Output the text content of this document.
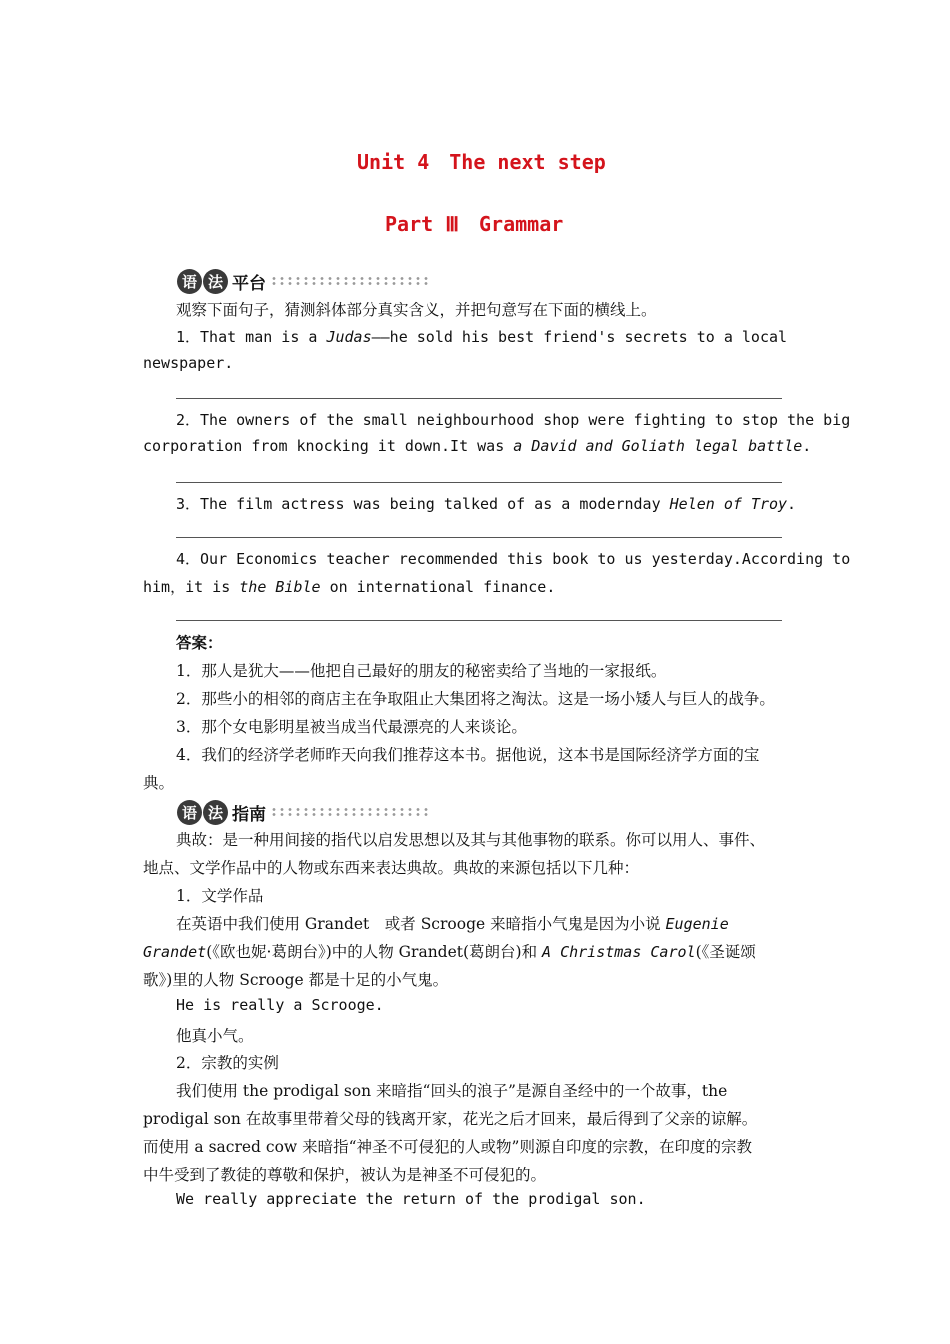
Unit 4　The next step
Part Ⅲ　Grammar
语 法 平台
观察下面句子，猜测斜体部分真实含义，并把句意写在下面的横线上。
1．That man is a Judas——he sold his best friend's secrets to a local
newspaper.
2．The owners of the small neighbourhood shop were fighting to stop the big
corporation from knocking it down.It was a David and Goliath legal battle.
3．The film actress was being talked of as a modernday Helen of Troy.
4．Our Economics teacher recommended this book to us yesterday.According to
him，it is the Bible on international finance.
答案：
1．那人是犹大——他把自己最好的朋友的秘密卖给了当地的一家报纸。
2．那些小的相邻的商店主在争取阻止大集团将之淘汰。这是一场小矮人与巨人的战争。
3．那个女电影明星被当成当代最漂亮的人来谈论。
4．我们的经济学老师昨天向我们推荐这本书。据他说，这本书是国际经济学方面的宝
典。
语 法 指南
典故：是一种用间接的指代以启发思想以及其与其他事物的联系。你可以用人、事件、
地点、文学作品中的人物或东西来表达典故。典故的来源包括以下几种：
1．文学作品
在英语中我们使用 Grandet　或者 Scrooge 来暗指小气鬼是因为小说 Eugenie
Grandet(《欧也妮·葛朗台》)中的人物 Grandet(葛朗台)和 A Christmas Carol(《圣诞颂
歌》)里的人物 Scrooge 都是十足的小气鬼。
He is really a Scrooge.
他真小气。
2．宗教的实例
我们使用 the prodigal son 来暗指“回头的浪子”是源自圣经中的一个故事，the
prodigal son 在故事里带着父母的钱离开家，花光之后才回来，最后得到了父亲的谅解。
而使用 a sacred cow 来暗指“神圣不可侵犯的人或物”则源自印度的宗教，在印度的宗教
中牛受到了教徒的尊敬和保护，被认为是神圣不可侵犯的。
We really appreciate the return of the prodigal son.
